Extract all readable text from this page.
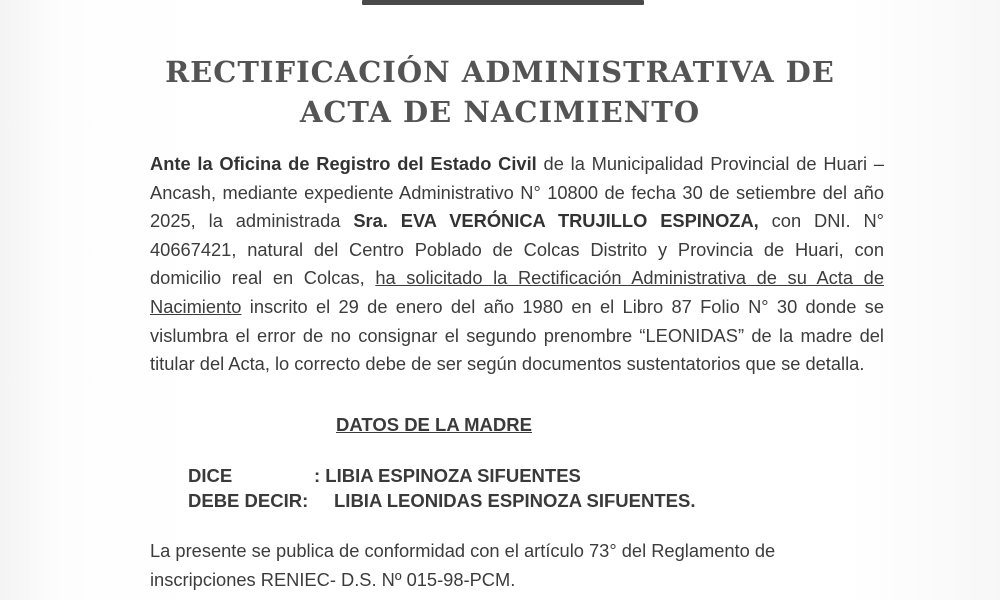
RECTIFICACIÓN ADMINISTRATIVA DE
ACTA DE NACIMIENTO

Ante la Oficina de Registro del Estado Civil de la Municipalidad Provincial de Huari – Ancash, mediante expediente Administrativo N° 10800 de fecha 30 de setiembre del año 2025, la administrada Sra. EVA VERÓNICA TRUJILLO ESPINOZA, con DNI. N° 40667421, natural del Centro Poblado de Colcas Distrito y Provincia de Huari, con domicilio real en Colcas, ha solicitado la Rectificación Administrativa de su Acta de Nacimiento inscrito el 29 de enero del año 1980 en el Libro 87 Folio N° 30 donde se vislumbra el error de no consignar el segundo prenombre “LEONIDAS” de la madre del titular del Acta, lo correcto debe de ser según documentos sustentatorios que se detalla.

DATOS DE LA MADRE
DICE	: LIBIA ESPINOZA SIFUENTES
DEBE DECIR: LIBIA LEONIDAS ESPINOZA SIFUENTES.

La presente se publica de conformidad con el artículo 73° del Reglamento de inscripciones RENIEC- D.S. Nº 015-98-PCM.
